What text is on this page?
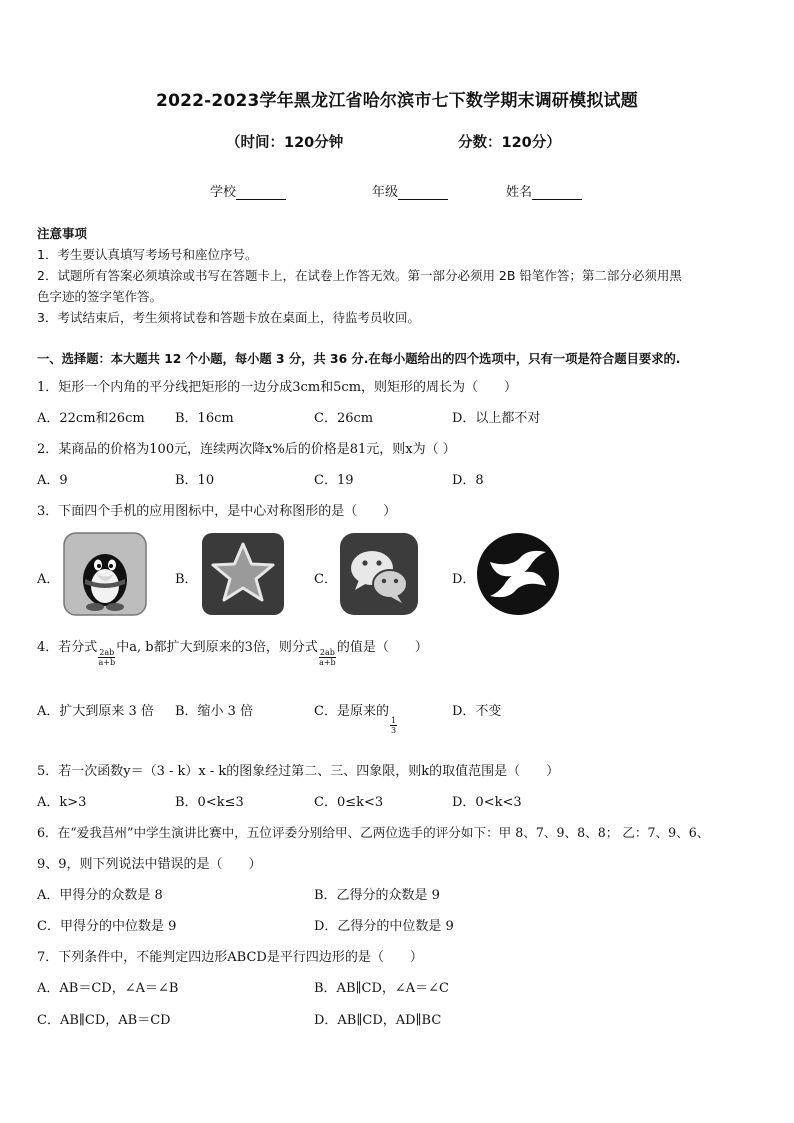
2022-2023学年黑龙江省哈尔滨市七下数学期末调研模拟试题
（时间：120分钟	分数：120分）
学校	年级	姓名
注意事项
1．考生要认真填写考场号和座位序号。
2．试题所有答案必须填涂或书写在答题卡上，在试卷上作答无效。第一部分必须用 2B 铅笔作答；第二部分必须用黑
色字迹的签字笔作答。
3．考试结束后，考生须将试卷和答题卡放在桌面上，待监考员收回。
一、选择题：本大题共 12 个小题，每小题 3 分，共 36 分.在每小题给出的四个选项中，只有一项是符合题目要求的.
1．矩形一个内角的平分线把矩形的一边分成3cm和5cm，则矩形的周长为（　　）
A．22cm和26cm B．16cm	C．26cm	D．以上都不对
2．某商品的价格为100元，连续两次降x%后的价格是81元，则x为（ ）
A．9	B．10	C．19	D．8
3．下面四个手机的应用图标中，是中心对称图形的是（　　）
A．	B．	C．	D．
4．若分式
$\frac{2ab}{a+b}$
中a, b都扩大到原来的3倍，则分式
$\frac{2ab}{a+b}$
的值是（　　）
A．扩大到原来 3 倍 B．缩小 3 倍	C．是原来的
$\frac{1}{3}$
D．不变
5．若一次函数y＝（3 - k）x - k的图象经过第二、三、四象限，则k的取值范围是（　　）
A．k>3	B．0<k≤3	C．0≤k<3	D．0<k<3
6．在“爱我莒州”中学生演讲比赛中，五位评委分别给甲、乙两位选手的评分如下：甲 8、7、9、8、8； 乙：7、9、6、
9、9，则下列说法中错误的是（　　）
A．甲得分的众数是 8	B．乙得分的众数是 9
C．甲得分的中位数是 9	D．乙得分的中位数是 9
7．下列条件中，不能判定四边形ABCD是平行四边形的是（　　）
A．AB＝CD，∠A＝∠B	B．AB∥CD，∠A＝∠C
C．AB∥CD，AB＝CD	D．AB∥CD，AD∥BC
